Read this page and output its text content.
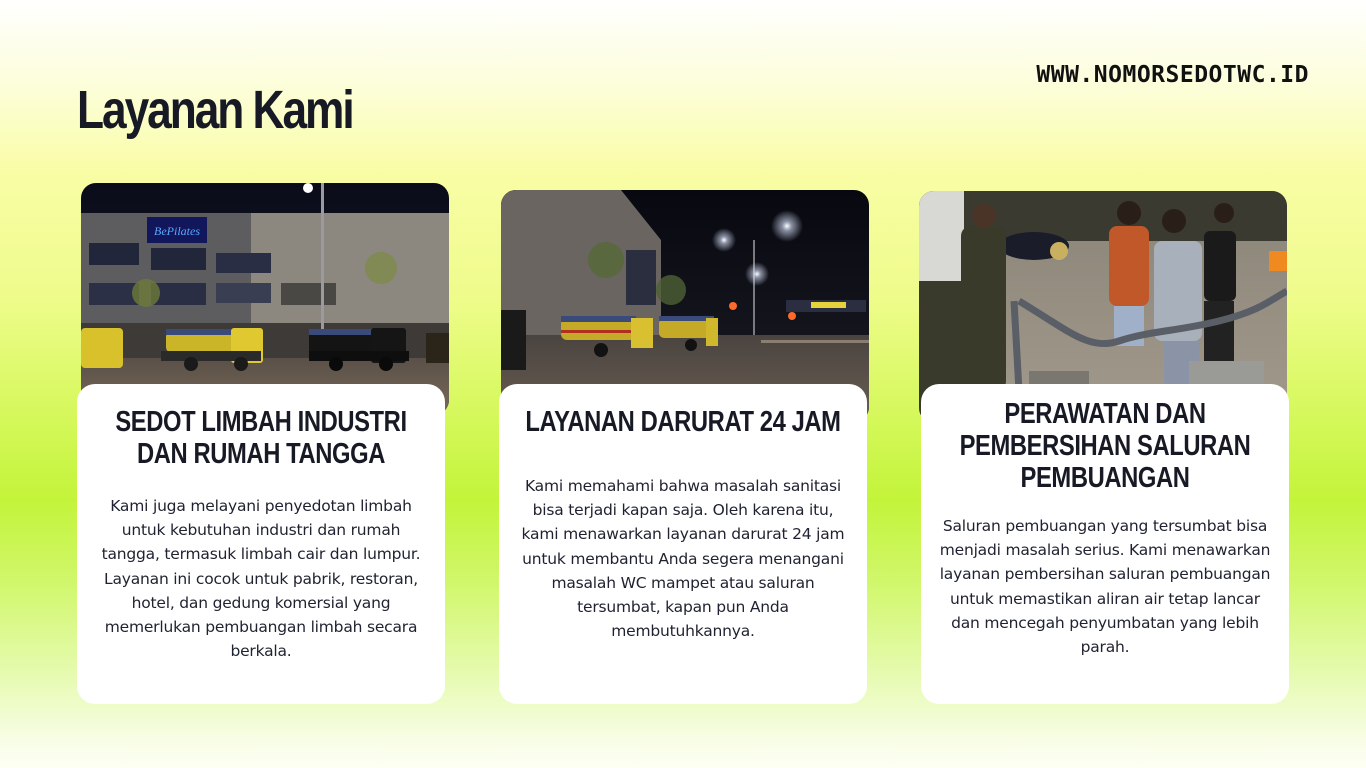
Layanan Kami
WWW.NOMORSEDOTWC.ID
BePilates
SEDOT LIMBAH INDUSTRI
DAN RUMAH TANGGA

Kami juga melayani penyedotan limbah untuk kebutuhan industri dan rumah tangga, termasuk limbah cair dan lumpur. Layanan ini cocok untuk pabrik, restoran, hotel, dan gedung komersial yang memerlukan pembuangan limbah secara berkala.

LAYANAN DARURAT 24 JAM

Kami memahami bahwa masalah sanitasi bisa terjadi kapan saja. Oleh karena itu, kami menawarkan layanan darurat 24 jam untuk membantu Anda segera menangani masalah WC mampet atau saluran tersumbat, kapan pun Anda membutuhkannya.

PERAWATAN DAN
PEMBERSIHAN SALURAN
PEMBUANGAN

Saluran pembuangan yang tersumbat bisa menjadi masalah serius. Kami menawarkan layanan pembersihan saluran pembuangan untuk memastikan aliran air tetap lancar dan mencegah penyumbatan yang lebih parah.
